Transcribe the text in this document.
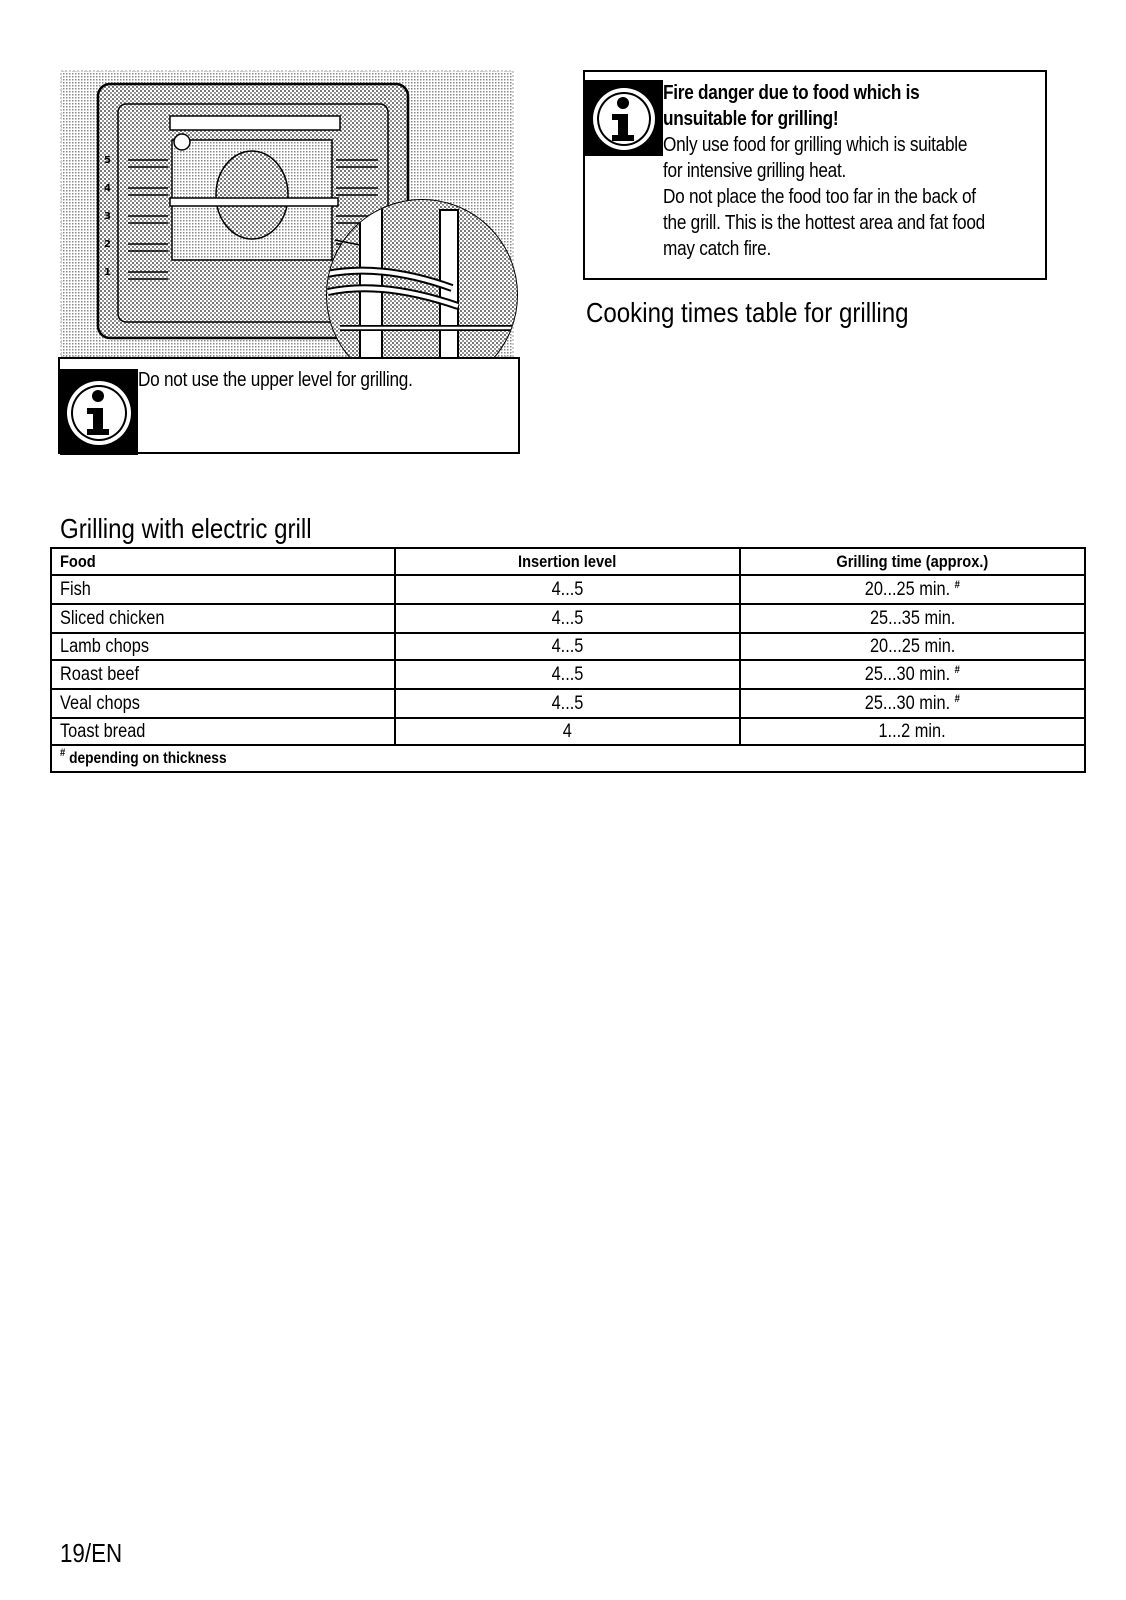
5
4
3
2
1
Do not use the upper level for grilling.
Fire danger due to food which is
unsuitable for grilling!
Only use food for grilling which is suitable
for intensive grilling heat.
Do not place the food too far in the back of
the grill. This is the hottest area and fat food
may catch fire.
Cooking times table for grilling
Grilling with electric grill
Food	Insertion level	Grilling time (approx.)
Fish	4...5	20...25 min. #
Sliced chicken	4...5	25...35 min.
Lamb chops	4...5	20...25 min.
Roast beef	4...5	25...30 min. #
Veal chops	4...5	25...30 min. #
Toast bread	4	1...2 min.
# depending on thickness		
19/EN
